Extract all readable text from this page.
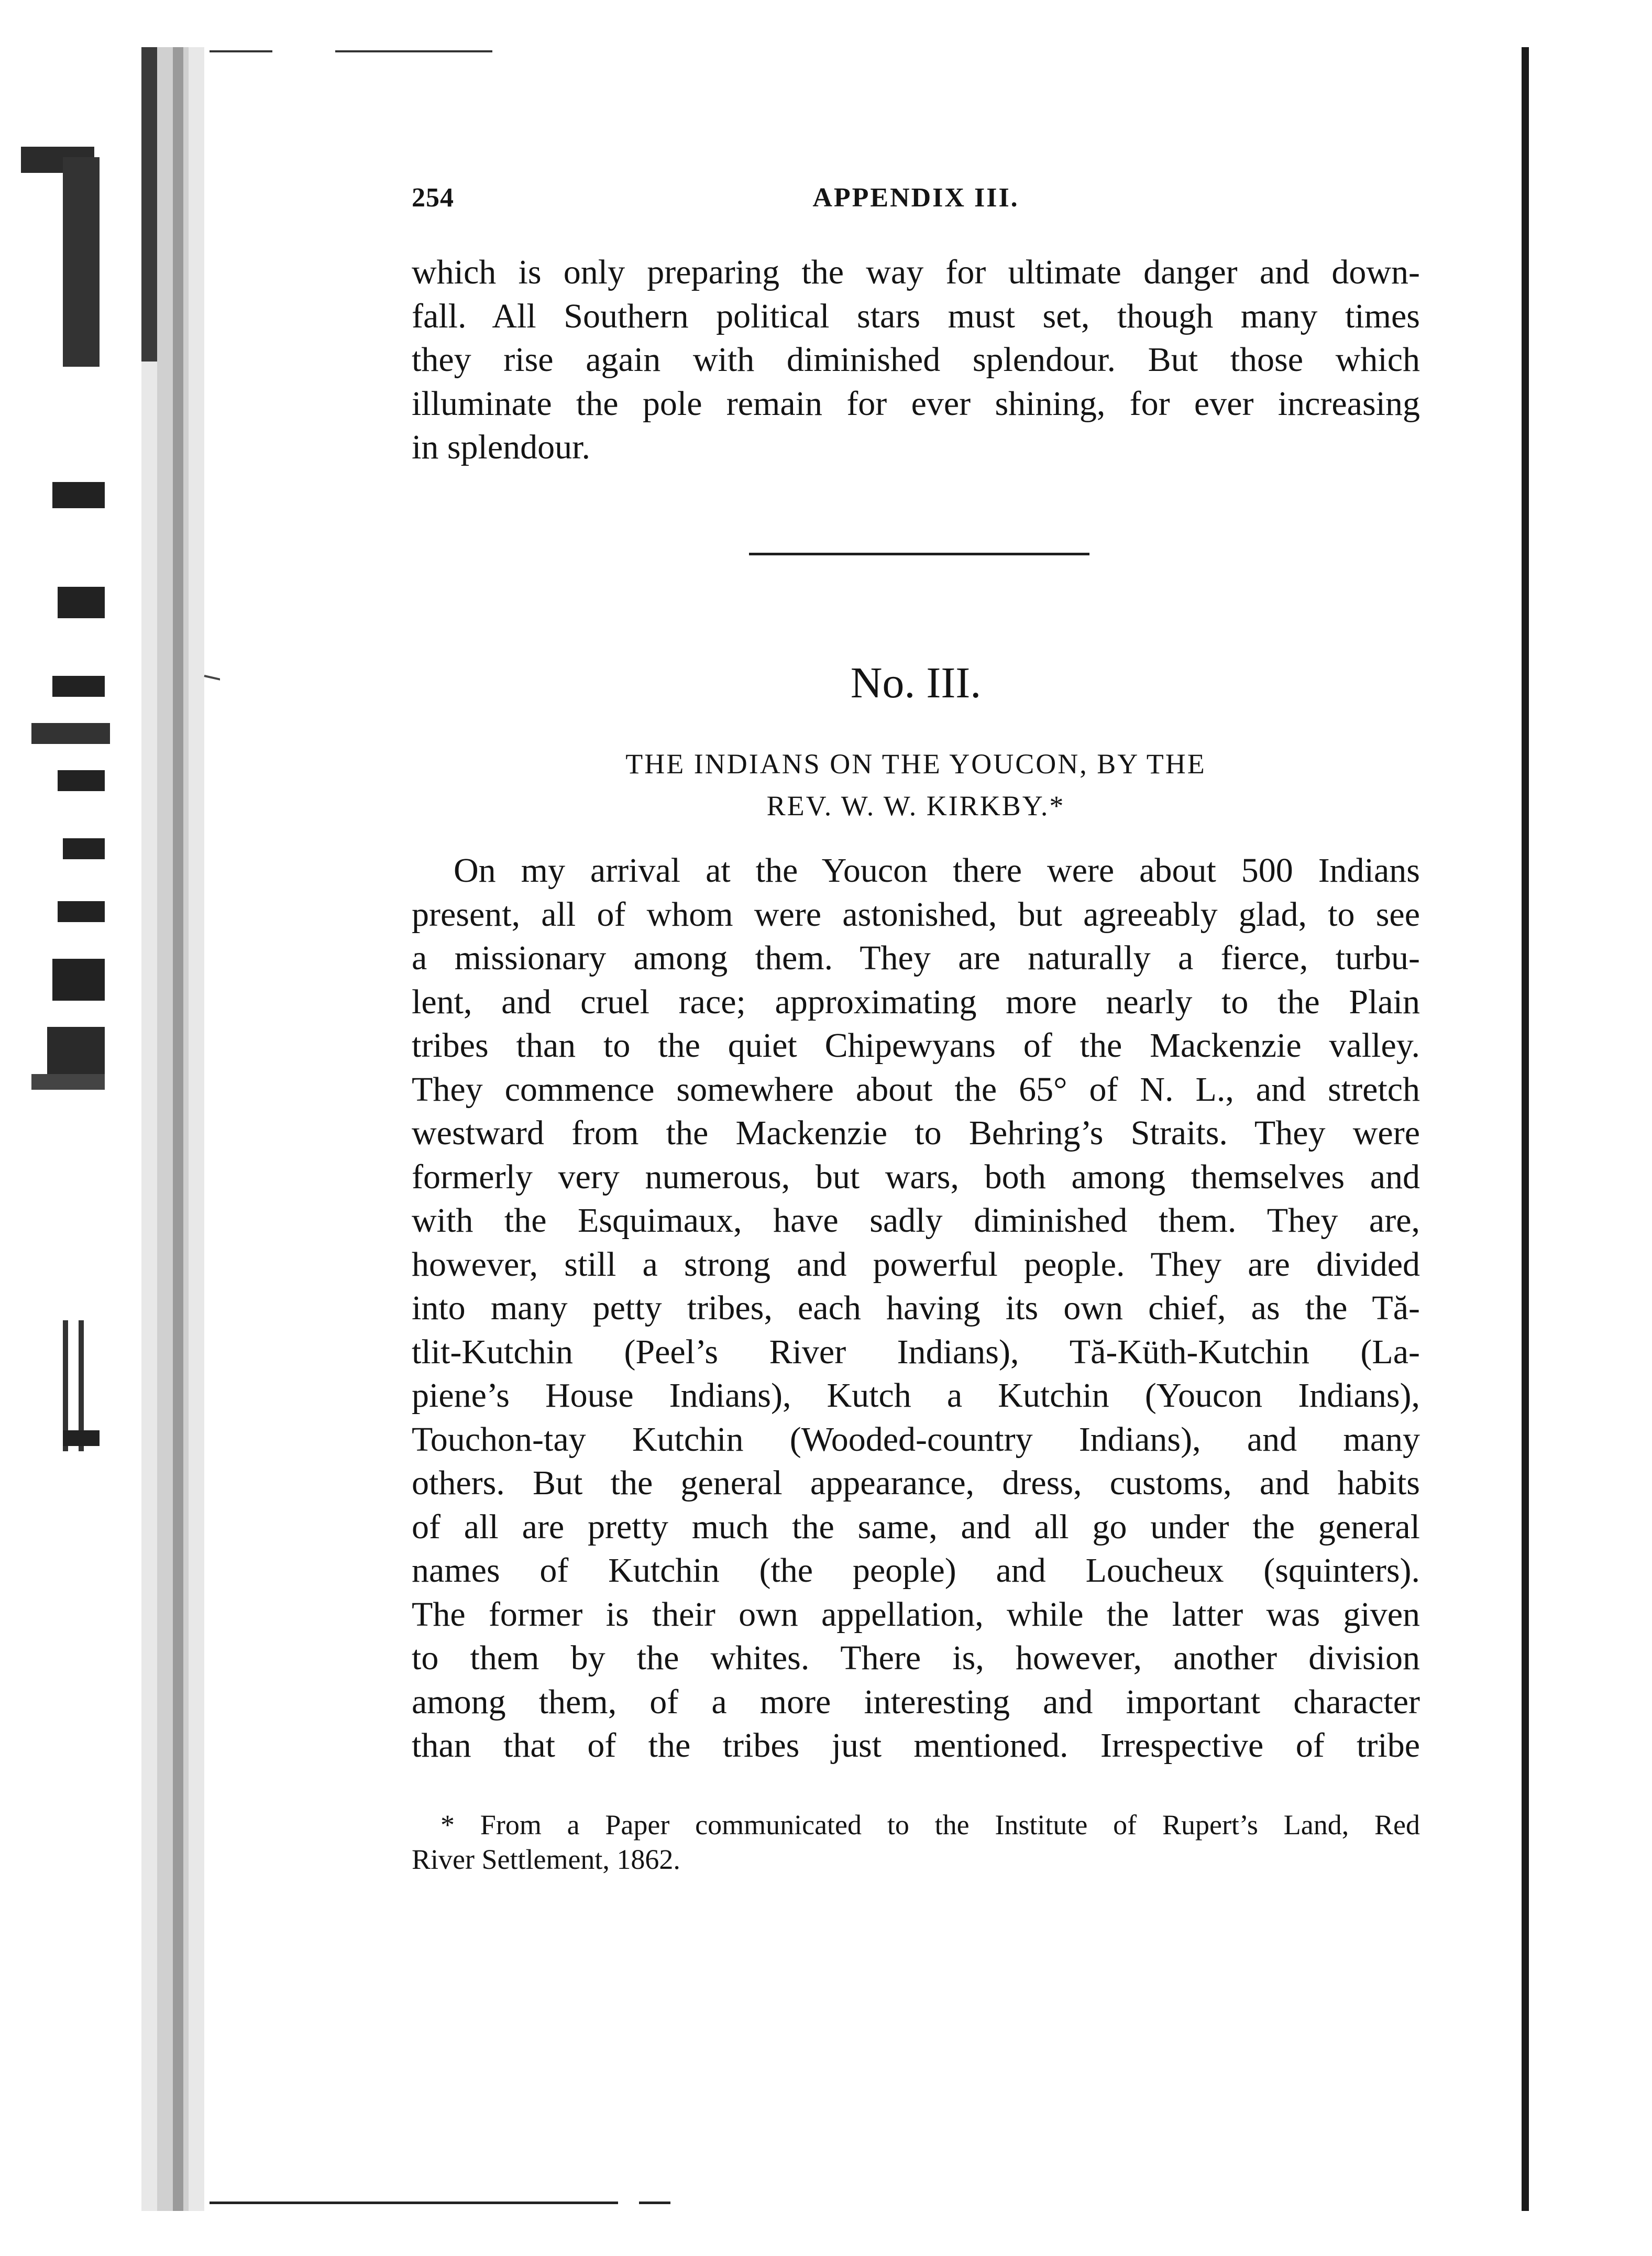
254	APPENDIX III.
which is only preparing the way for ultimate danger and down-
fall. All Southern political stars must set, though many times
they rise again with diminished splendour. But those which
illuminate the pole remain for ever shining, for ever increasing
in splendour.
No. III.
THE INDIANS ON THE YOUCON, BY THE
REV. W. W. KIRKBY.*
On my arrival at the Youcon there were about 500 Indians
present, all of whom were astonished, but agreeably glad, to see
a missionary among them. They are naturally a fierce, turbu-
lent, and cruel race; approximating more nearly to the Plain
tribes than to the quiet Chipewyans of the Mackenzie valley.
They commence somewhere about the 65° of N. L., and stretch
westward from the Mackenzie to Behring’s Straits. They were
formerly very numerous, but wars, both among themselves and
with the Esquimaux, have sadly diminished them. They are,
however, still a strong and powerful people. They are divided
into many petty tribes, each having its own chief, as the Tă-
tlit-Kutchin (Peel’s River Indians), Tă-Küth-Kutchin (La-
piene’s House Indians), Kutch a Kutchin (Youcon Indians),
Touchon-tay Kutchin (Wooded-country Indians), and many
others. But the general appearance, dress, customs, and habits
of all are pretty much the same, and all go under the general
names of Kutchin (the people) and Loucheux (squinters).
The former is their own appellation, while the latter was given
to them by the whites. There is, however, another division
among them, of a more interesting and important character
than that of the tribes just mentioned. Irrespective of tribe
* From a Paper communicated to the Institute of Rupert’s Land, Red
River Settlement, 1862.
